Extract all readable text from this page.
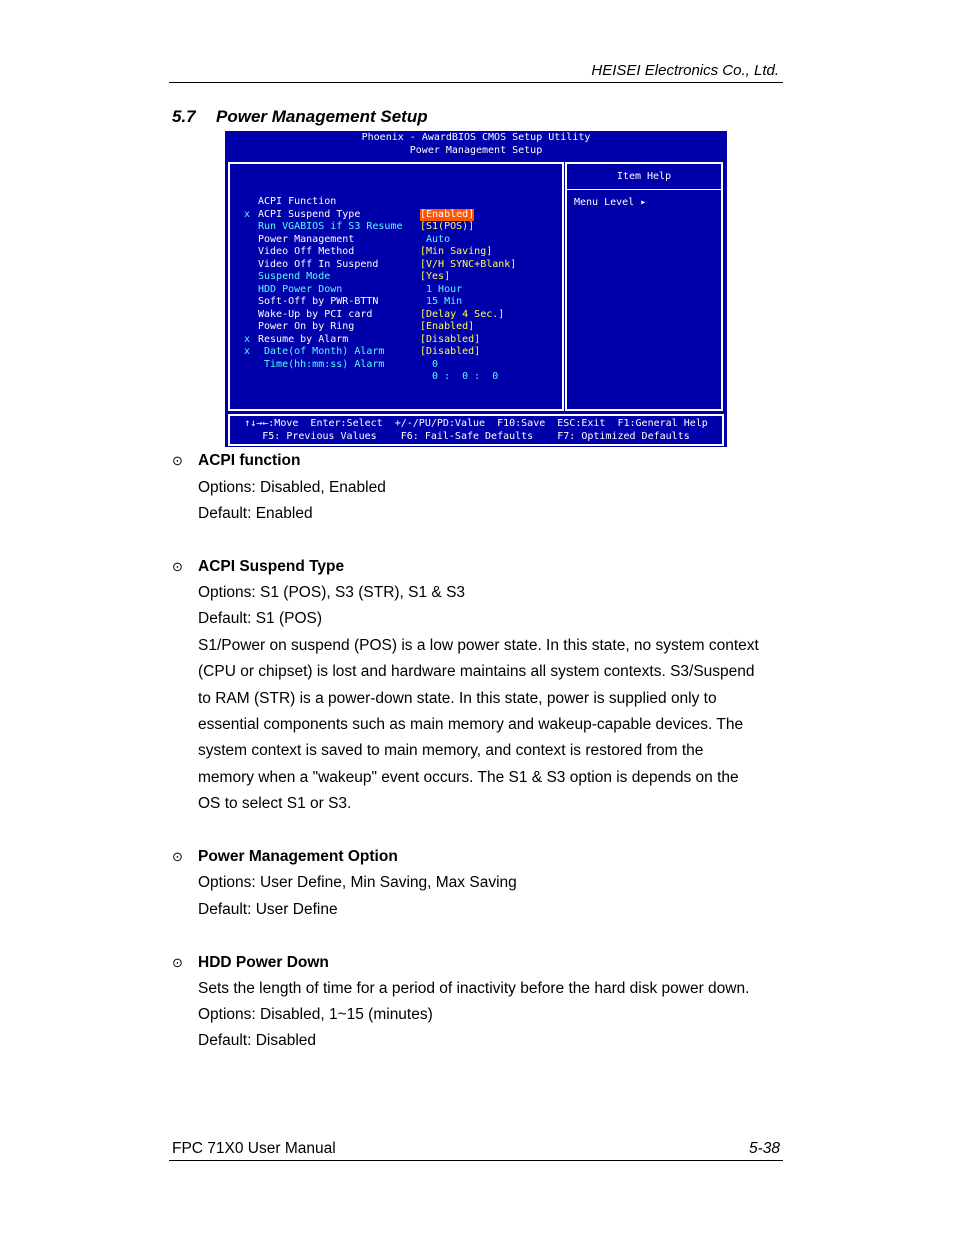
HEISEI Electronics Co., Ltd.
5.7 Power Management Setup
Phoenix - AwardBIOS CMOS Setup Utility
Power Management Setup

ACPI Function

[Enabled]

ACPI Suspend Type

[S1(POS)]

x

Run VGABIOS if S3 Resume

Auto

Power Management

[Min Saving]

Video Off Method

[V/H SYNC+Blank]

Video Off In Suspend

[Yes]

Suspend Mode

1 Hour

HDD Power Down

15 Min

Soft-Off by PWR-BTTN

[Delay 4 Sec.]

Wake-Up by PCI card

[Enabled]

Power On by Ring

[Disabled]

Resume by Alarm

[Disabled]

x

Date(of Month) Alarm

0

x

Time(hh:mm:ss) Alarm

0 :  0 :  0

Item Help
Menu Level ▸
↑↓→←:Move  Enter:Select  +/-/PU/PD:Value  F10:Save  ESC:Exit  F1:General Help
F5: Previous Values    F6: Fail-Safe Defaults    F7: Optimized Defaults
⊙ ACPI function
Options: Disabled, Enabled
Default: Enabled
⊙ ACPI Suspend Type
Options: S1 (POS), S3 (STR), S1 & S3
Default: S1 (POS)
S1/Power on suspend (POS) is a low power state. In this state, no system context
(CPU or chipset) is lost and hardware maintains all system contexts. S3/Suspend
to RAM (STR) is a power-down state. In this state, power is supplied only to
essential components such as main memory and wakeup-capable devices. The
system context is saved to main memory, and context is restored from the
memory when a "wakeup" event occurs. The S1 & S3 option is depends on the
OS to select S1 or S3.
⊙ Power Management Option
Options: User Define, Min Saving, Max Saving
Default: User Define
⊙ HDD Power Down
Sets the length of time for a period of inactivity before the hard disk power down.
Options: Disabled, 1~15 (minutes)
Default: Disabled
FPC 71X0 User Manual	5-38
